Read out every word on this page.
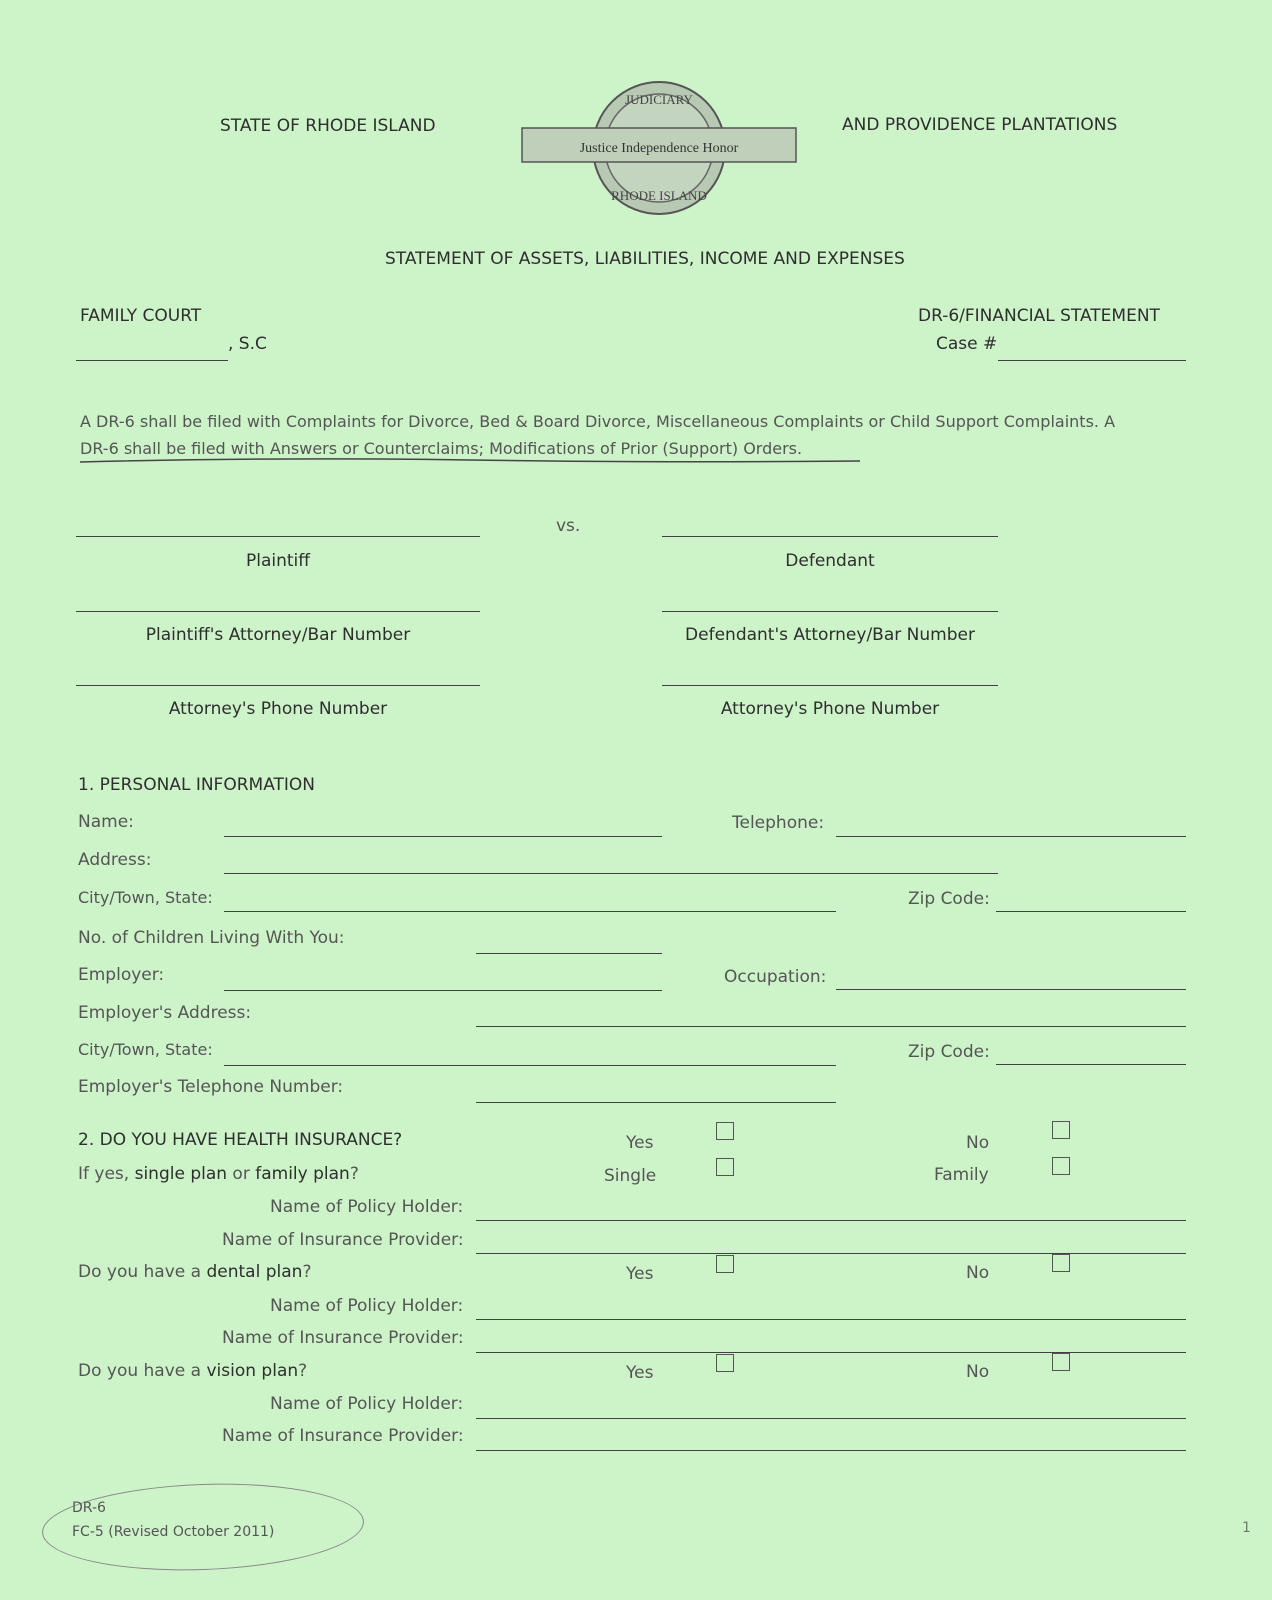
STATE OF RHODE ISLAND	AND PROVIDENCE PLANTATIONS
JUDICIARY
Justice Independence Honor
RHODE ISLAND
STATEMENT OF ASSETS, LIABILITIES, INCOME AND EXPENSES
FAMILY COURT
, S.C
DR-6/FINANCIAL STATEMENT
Case #
A DR-6 shall be filed with Complaints for Divorce, Bed & Board Divorce, Miscellaneous Complaints or Child Support Complaints. A
DR-6 shall be filed with Answers or Counterclaims; Modifications of Prior (Support) Orders.
vs.
Plaintiff	Defendant
Plaintiff's Attorney/Bar Number	Defendant's Attorney/Bar Number
Attorney's Phone Number	Attorney's Phone Number
1. PERSONAL INFORMATION
Name:	Telephone:
Address:
City/Town, State:	Zip Code:
No. of Children Living With You:
Employer:	Occupation:
Employer's Address:
City/Town, State:	Zip Code:
Employer's Telephone Number:
2. DO YOU HAVE HEALTH INSURANCE?	Yes	No
If yes, single plan or family plan?	Single	Family
Name of Policy Holder:
Name of Insurance Provider:
Do you have a dental plan?	Yes	No
Name of Policy Holder:
Name of Insurance Provider:
Do you have a vision plan?	Yes	No
Name of Policy Holder:
Name of Insurance Provider:
DR-6
FC-5 (Revised October 2011)	1
